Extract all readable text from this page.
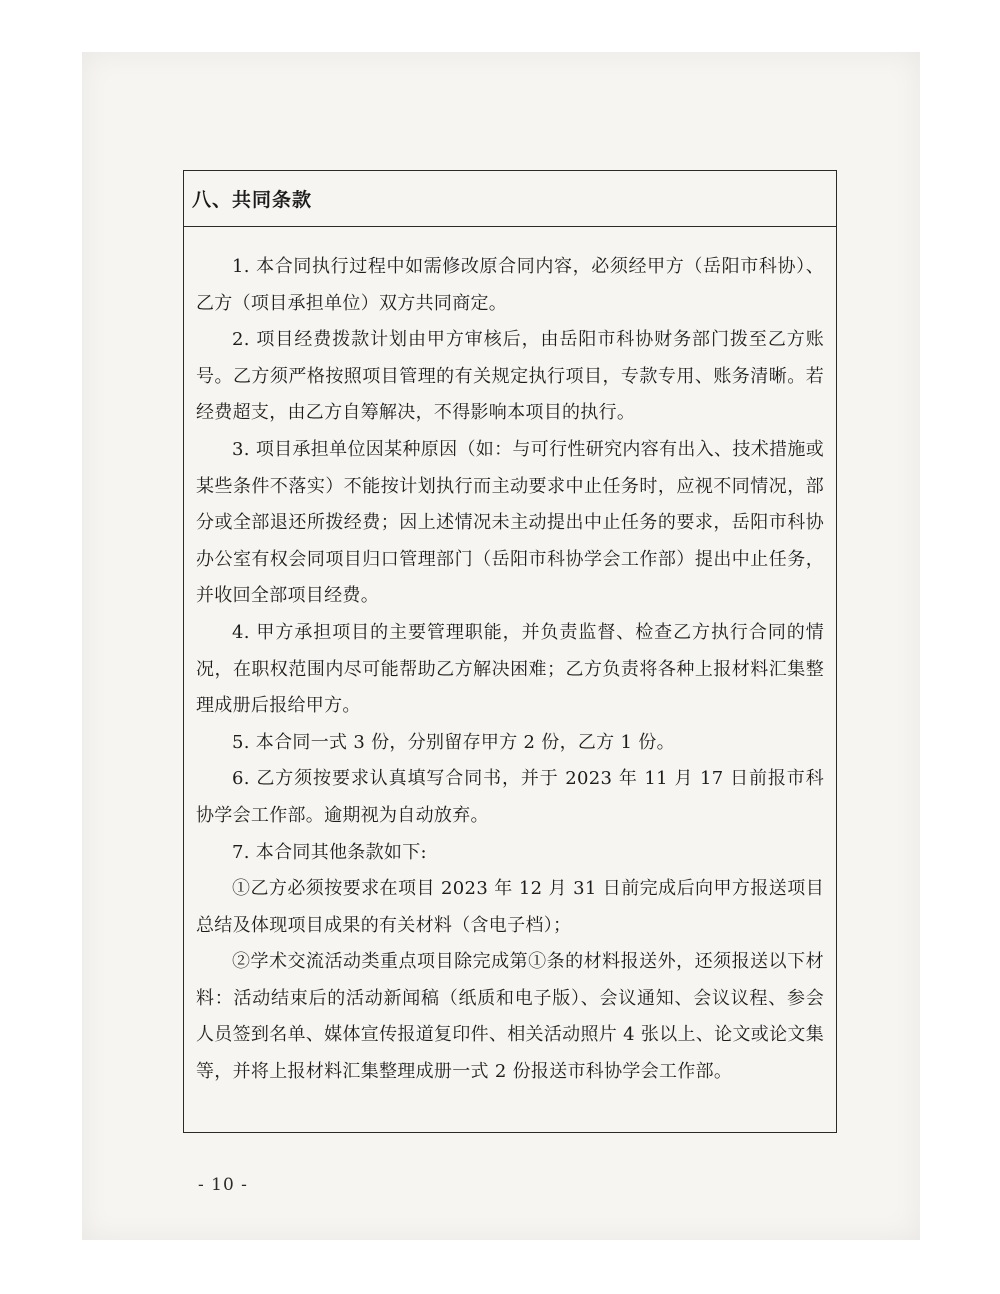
八、共同条款

1. 本合同执行过程中如需修改原合同内容，必须经甲方（岳阳市科协）、乙方（项目承担单位）双方共同商定。

2. 项目经费拨款计划由甲方审核后，由岳阳市科协财务部门拨至乙方账号。乙方须严格按照项目管理的有关规定执行项目，专款专用、账务清晰。若经费超支，由乙方自筹解决，不得影响本项目的执行。

3. 项目承担单位因某种原因（如：与可行性研究内容有出入、技术措施或某些条件不落实）不能按计划执行而主动要求中止任务时，应视不同情况，部分或全部退还所拨经费；因上述情况未主动提出中止任务的要求，岳阳市科协办公室有权会同项目归口管理部门（岳阳市科协学会工作部）提出中止任务，并收回全部项目经费。

4. 甲方承担项目的主要管理职能，并负责监督、检查乙方执行合同的情况，在职权范围内尽可能帮助乙方解决困难；乙方负责将各种上报材料汇集整理成册后报给甲方。

5. 本合同一式 3 份，分别留存甲方 2 份，乙方 1 份。

6. 乙方须按要求认真填写合同书，并于 2023 年 11 月 17 日前报市科协学会工作部。逾期视为自动放弃。

7. 本合同其他条款如下:

①乙方必须按要求在项目 2023 年 12 月 31 日前完成后向甲方报送项目总结及体现项目成果的有关材料（含电子档）；

②学术交流活动类重点项目除完成第①条的材料报送外，还须报送以下材料：活动结束后的活动新闻稿（纸质和电子版）、会议通知、会议议程、参会人员签到名单、媒体宣传报道复印件、相关活动照片 4 张以上、论文或论文集等，并将上报材料汇集整理成册一式 2 份报送市科协学会工作部。

- 10 -
